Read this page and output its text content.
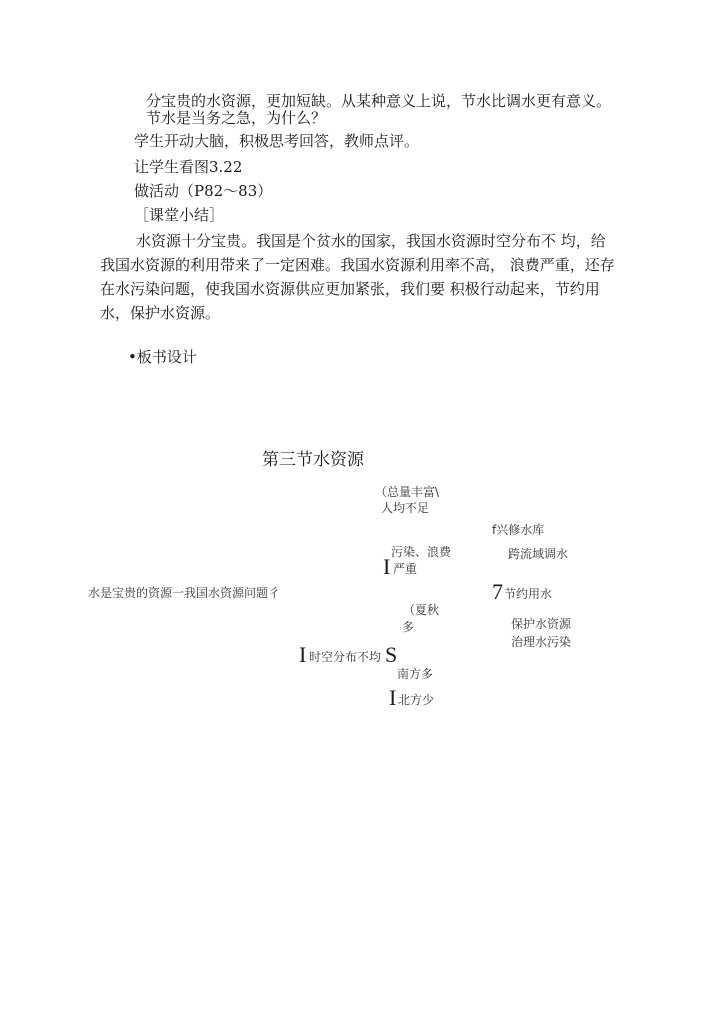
分宝贵的水资源，更加短缺。从某种意义上说，节水比调水更有意义。
节水是当务之急，为什么？
学生开动大脑，积极思考回答，教师点评。
让学生看图3.22
做活动（P82～83）
［课堂小结］
水资源十分宝贵。我国是个贫水的国家，我国水资源时空分布不 均，给我国水资源的利用带来了一定困难。我国水资源利用率不高， 浪费严重，还存在水污染问题，使我国水资源供应更加紧张，我们要 积极行动起来，节约用水，保护水资源。
•板书设计
第三节水资源
（总量丰富\
人均不足
f兴修水库
污染、浪费	跨流域调水
I 严重
水是宝贵的资源一我国水资源问题彳	7 节约用水
（夏秋
多	保护水资源
治理水污染
I 时空分布不均 S
南方多
I 北方少
